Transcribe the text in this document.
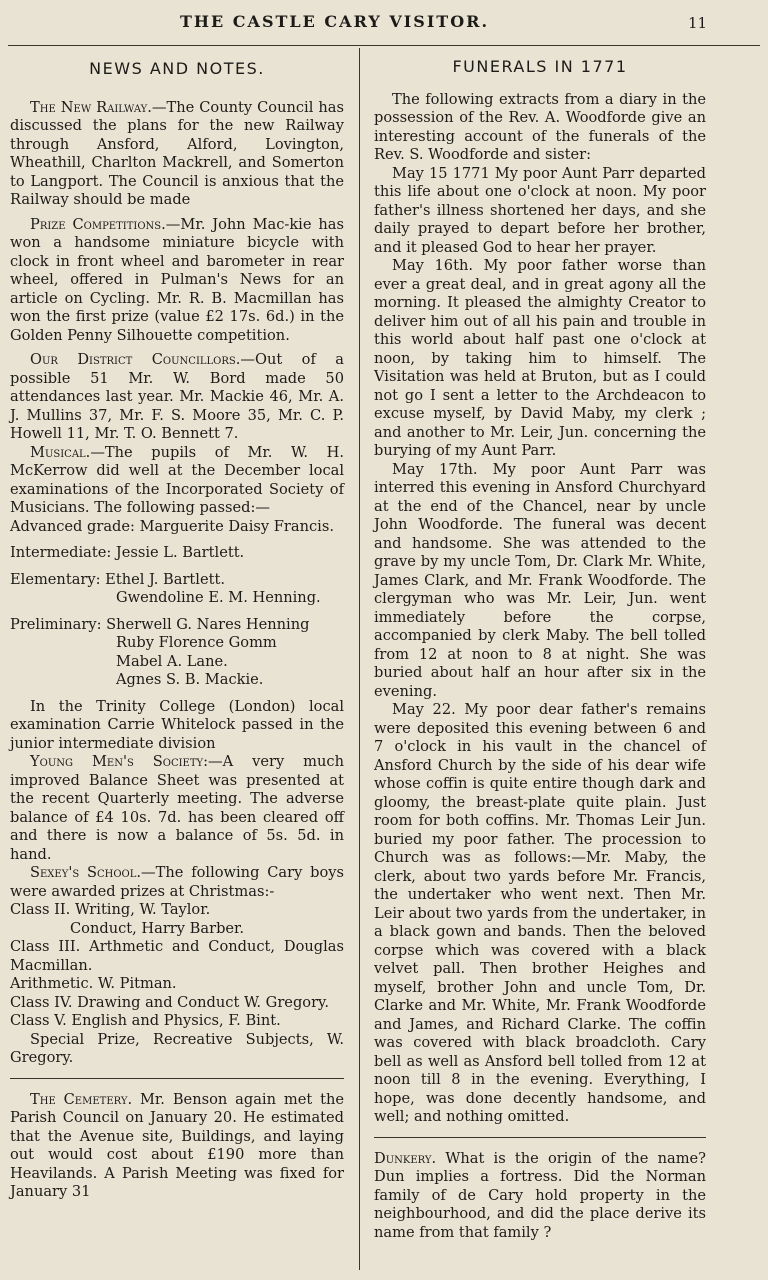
THE CASTLE CARY VISITOR.	11
NEWS AND NOTES.

The New Railway.—The County Council has discussed the plans for the new Railway through Ansford, Alford, Lovington, Wheathill, Charlton Mackrell, and Somerton to Langport. The Council is anxious that the Railway should be made

Prize Competitions.—Mr. John Mac-kie has won a handsome miniature bicycle with clock in front wheel and barometer in rear wheel, offered in Pulman's News for an article on Cycling. Mr. R. B. Macmillan has won the first prize (value £2 17s. 6d.) in the Golden Penny Silhouette competition.

Our District Councillors.—Out of a possible 51 Mr. W. Bord made 50 attendances last year. Mr. Mackie 46, Mr. A. J. Mullins 37, Mr. F. S. Moore 35, Mr. C. P. Howell 11, Mr. T. O. Bennett 7.

Musical.—The pupils of Mr. W. H. McKerrow did well at the December local examinations of the Incorporated Society of Musicians. The following passed:—

Advanced grade: Marguerite Daisy Francis.

Intermediate: Jessie L. Bartlett.

Elementary: Ethel J. Bartlett.
Gwendoline E. M. Henning.
Preliminary: Sherwell G. Nares Henning
Ruby Florence Gomm
Mabel A. Lane.
Agnes S. B. Mackie.

In the Trinity College (London) local examination Carrie Whitelock passed in the junior intermediate division

Young Men's Society:—A very much improved Balance Sheet was presented at the recent Quarterly meeting. The adverse balance of £4 10s. 7d. has been cleared off and there is now a balance of 5s. 5d. in hand.

Sexey's School.—The following Cary boys were awarded prizes at Christmas:-

Class II. Writing, W. Taylor.
Conduct, Harry Barber.

Class III. Arthmetic and Conduct, Douglas Macmillan.

Arithmetic. W. Pitman.

Class IV. Drawing and Conduct W. Gregory.

Class V. English and Physics, F. Bint.

Special Prize, Recreative Subjects, W. Gregory.

The Cemetery. Mr. Benson again met the Parish Council on January 20. He estimated that the Avenue site, Buildings, and laying out would cost about £190 more than Heavilands. A Parish Meeting was fixed for January 31

FUNERALS IN 1771

The following extracts from a diary in the possession of the Rev. A. Woodforde give an interesting account of the funerals of the Rev. S. Woodforde and sister:

May 15 1771 My poor Aunt Parr departed this life about one o'clock at noon. My poor father's illness shortened her days, and she daily prayed to depart before her brother, and it pleased God to hear her prayer.

May 16th. My poor father worse than ever a great deal, and in great agony all the morning. It pleased the almighty Creator to deliver him out of all his pain and trouble in this world about half past one o'clock at noon, by taking him to himself. The Visitation was held at Bruton, but as I could not go I sent a letter to the Archdeacon to excuse myself, by David Maby, my clerk ; and another to Mr. Leir, Jun. concerning the burying of my Aunt Parr.

May 17th. My poor Aunt Parr was interred this evening in Ansford Churchyard at the end of the Chancel, near by uncle John Woodforde. The funeral was decent and handsome. She was attended to the grave by my uncle Tom, Dr. Clark Mr. White, James Clark, and Mr. Frank Woodforde. The clergyman who was Mr. Leir, Jun. went immediately before the corpse, accompanied by clerk Maby. The bell tolled from 12 at noon to 8 at night. She was buried about half an hour after six in the evening.

May 22. My poor dear father's remains were deposited this evening between 6 and 7 o'clock in his vault in the chancel of Ansford Church by the side of his dear wife whose coffin is quite entire though dark and gloomy, the breast-plate quite plain. Just room for both coffins. Mr. Thomas Leir Jun. buried my poor father. The procession to Church was as follows:—Mr. Maby, the clerk, about two yards before Mr. Francis, the undertaker who went next. Then Mr. Leir about two yards from the undertaker, in a black gown and bands. Then the beloved corpse which was covered with a black velvet pall. Then brother Heighes and myself, brother John and uncle Tom, Dr. Clarke and Mr. White, Mr. Frank Woodforde and James, and Richard Clarke. The coffin was covered with black broadcloth. Cary bell as well as Ansford bell tolled from 12 at noon till 8 in the evening. Everything, I hope, was done decently handsome, and well; and nothing omitted.

Dunkery. What is the origin of the name? Dun implies a fortress. Did the Norman family of de Cary hold property in the neighbourhood, and did the place derive its name from that family ?
